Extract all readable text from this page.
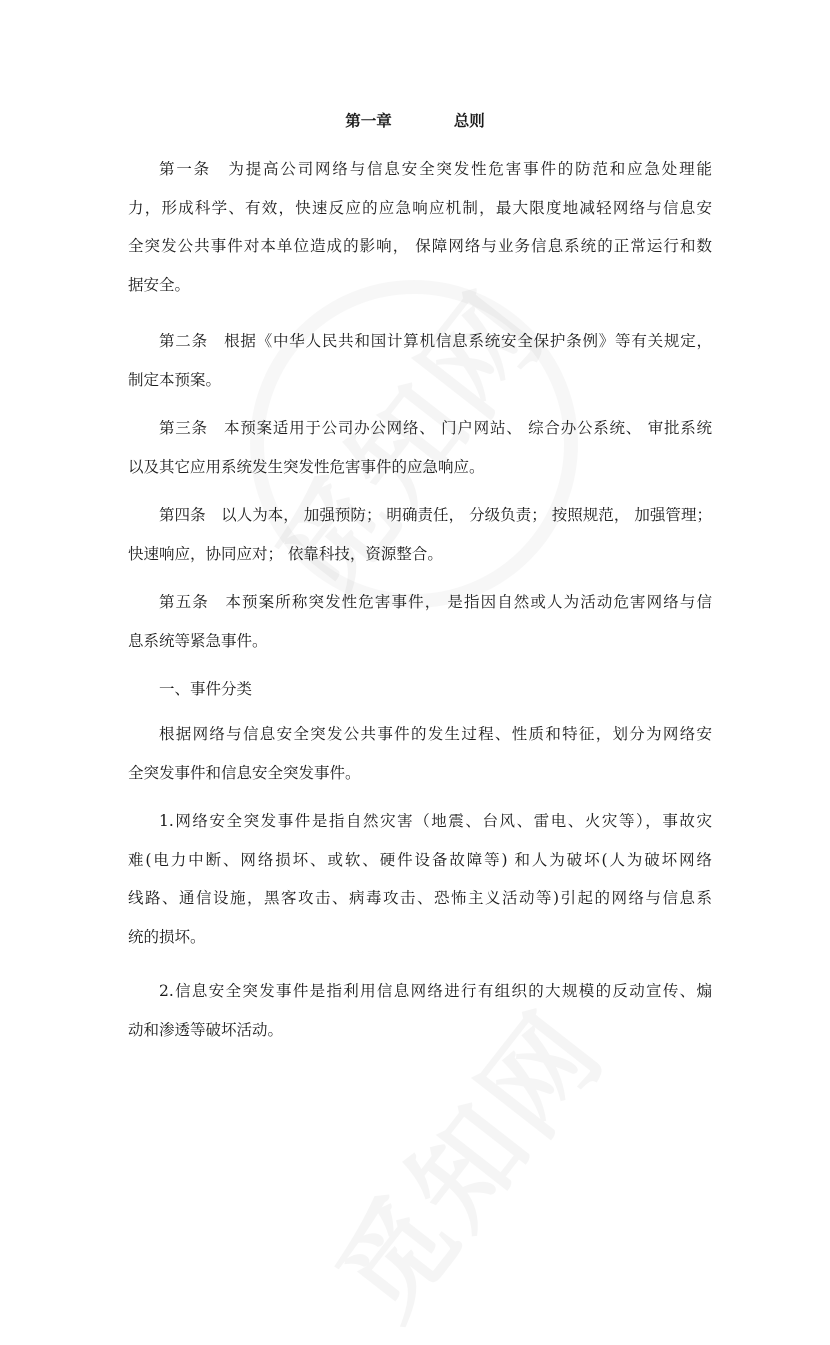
第一章	总则

第一条　为提高公司网络与信息安全突发性危害事件的防范和应急处理能
力，形成科学、有效，快速反应的应急响应机制，最大限度地减轻网络与信息安
全突发公共事件对本单位造成的影响， 保障网络与业务信息系统的正常运行和数
据安全。

第二条　根据《中华人民共和国计算机信息系统安全保护条例》等有关规定，
制定本预案。

第三条　本预案适用于公司办公网络、 门户网站、 综合办公系统、 审批系统
以及其它应用系统发生突发性危害事件的应急响应。

第四条　以人为本， 加强预防； 明确责任， 分级负责； 按照规范， 加强管理；
快速响应，协同应对； 依靠科技，资源整合。

第五条　本预案所称突发性危害事件， 是指因自然或人为活动危害网络与信
息系统等紧急事件。

一、事件分类

根据网络与信息安全突发公共事件的发生过程、性质和特征，划分为网络安
全突发事件和信息安全突发事件。

1.网络安全突发事件是指自然灾害（地震、台风、雷电、火灾等），事故灾
难(电力中断、网络损坏、或软、硬件设备故障等) 和人为破坏(人为破坏网络
线路、通信设施，黑客攻击、病毒攻击、恐怖主义活动等)引起的网络与信息系
统的损坏。

2.信息安全突发事件是指利用信息网络进行有组织的大规模的反动宣传、煽
动和渗透等破坏活动。
